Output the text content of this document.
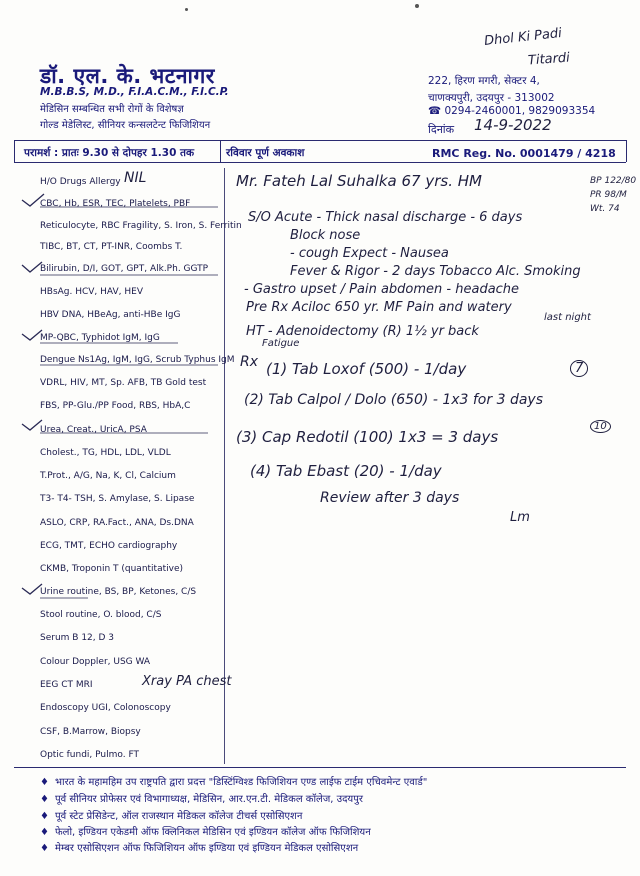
डॉ. एल. के. भटनागर
M.B.B.S, M.D., F.I.A.C.M., F.I.C.P.
मेडिसिन सम्बन्धित सभी रोगों के विशेषज्ञ
गोल्ड मेडेलिस्ट, सीनियर कन्सलटेन्ट फिजिशियन
222, हिरण मगरी, सेक्टर 4,
चाणक्यपुरी, उदयपुर - 313002
☎ 0294-2460001, 9829093354
दिनांक
Dhol Ki Padi
Titardi
14-9-2022
परामर्श : प्रातः 9.30 से दोपहर 1.30 तक	रविवार पूर्ण अवकाश	RMC Reg. No. 0001479 / 4218
H/O Drugs Allergy
CBC, Hb, ESR, TEC, Platelets, PBF
Reticulocyte, RBC Fragility, S. Iron, S. Ferritin
TIBC, BT, CT, PT-INR, Coombs T.
Bilirubin, D/I, GOT, GPT, Alk.Ph. GGTP
HBsAg. HCV, HAV, HEV
HBV DNA, HBeAg, anti-HBe IgG
MP-QBC, Typhidot IgM, IgG
Dengue Ns1Ag, IgM, IgG, Scrub Typhus IgM
VDRL, HIV, MT, Sp. AFB, TB Gold test
FBS, PP-Glu./PP Food, RBS, HbA,C
Urea, Creat., UricA, PSA
Cholest., TG, HDL, LDL, VLDL
T.Prot., A/G, Na, K, Cl, Calcium
T3- T4- TSH, S. Amylase, S. Lipase
ASLO, CRP, RA.Fact., ANA, Ds.DNA
ECG, TMT, ECHO cardiography
CKMB, Troponin T (quantitative)
Urine routine, BS, BP, Ketones, C/S
Stool routine, O. blood, C/S
Serum B 12, D 3
Colour Doppler, USG WA
EEG CT MRI
Endoscopy UGI, Colonoscopy
CSF, B.Marrow, Biopsy
Optic fundi, Pulmo. FT
NIL
Xray PA chest
Mr. Fateh Lal Suhalka 67 yrs. HM	BP 122/80
PR 98/M
Wt. 74
S/O Acute - Thick nasal discharge - 6 days
Block nose
- cough Expect - Nausea
Fever & Rigor - 2 days Tobacco Alc. Smoking
- Gastro upset / Pain abdomen - headache
Pre Rx Aciloc 650 yr. MF Pain and watery
last night
HT - Adenoidectomy (R) 1½ yr back
Fatigue
Rx (1) Tab Loxof (500) - 1/day	7
(2) Tab Calpol / Dolo (650) - 1x3 for 3 days
(3) Cap Redotil (100) 1x3 = 3 days
10
(4) Tab Ebast (20) - 1/day
Review after 3 days
Lm
♦ भारत के महामहिम उप राष्ट्रपति द्वारा प्रदत्त "डिस्टिंग्विश्ड फिजिशियन एण्ड लाईफ टाईम एचिवमेन्ट एवार्ड"
♦ पूर्व सीनियर प्रोफेसर एवं विभागाध्यक्ष, मेडिसिन, आर.एन.टी. मेडिकल कॉलेज, उदयपुर
♦ पूर्व स्टेट प्रेसिडेन्ट, ऑल राजस्थान मेडिकल कॉलेज टीचर्स एसोसिएशन
♦ फेलो, इण्डियन एकेडमी ऑफ क्लिनिकल मेडिसिन एवं इण्डियन कॉलेज ऑफ फिजिशियन
♦ मेम्बर एसोसिएशन ऑफ फिजिशियन ऑफ इण्डिया एवं इण्डियन मेडिकल एसोसिएशन
